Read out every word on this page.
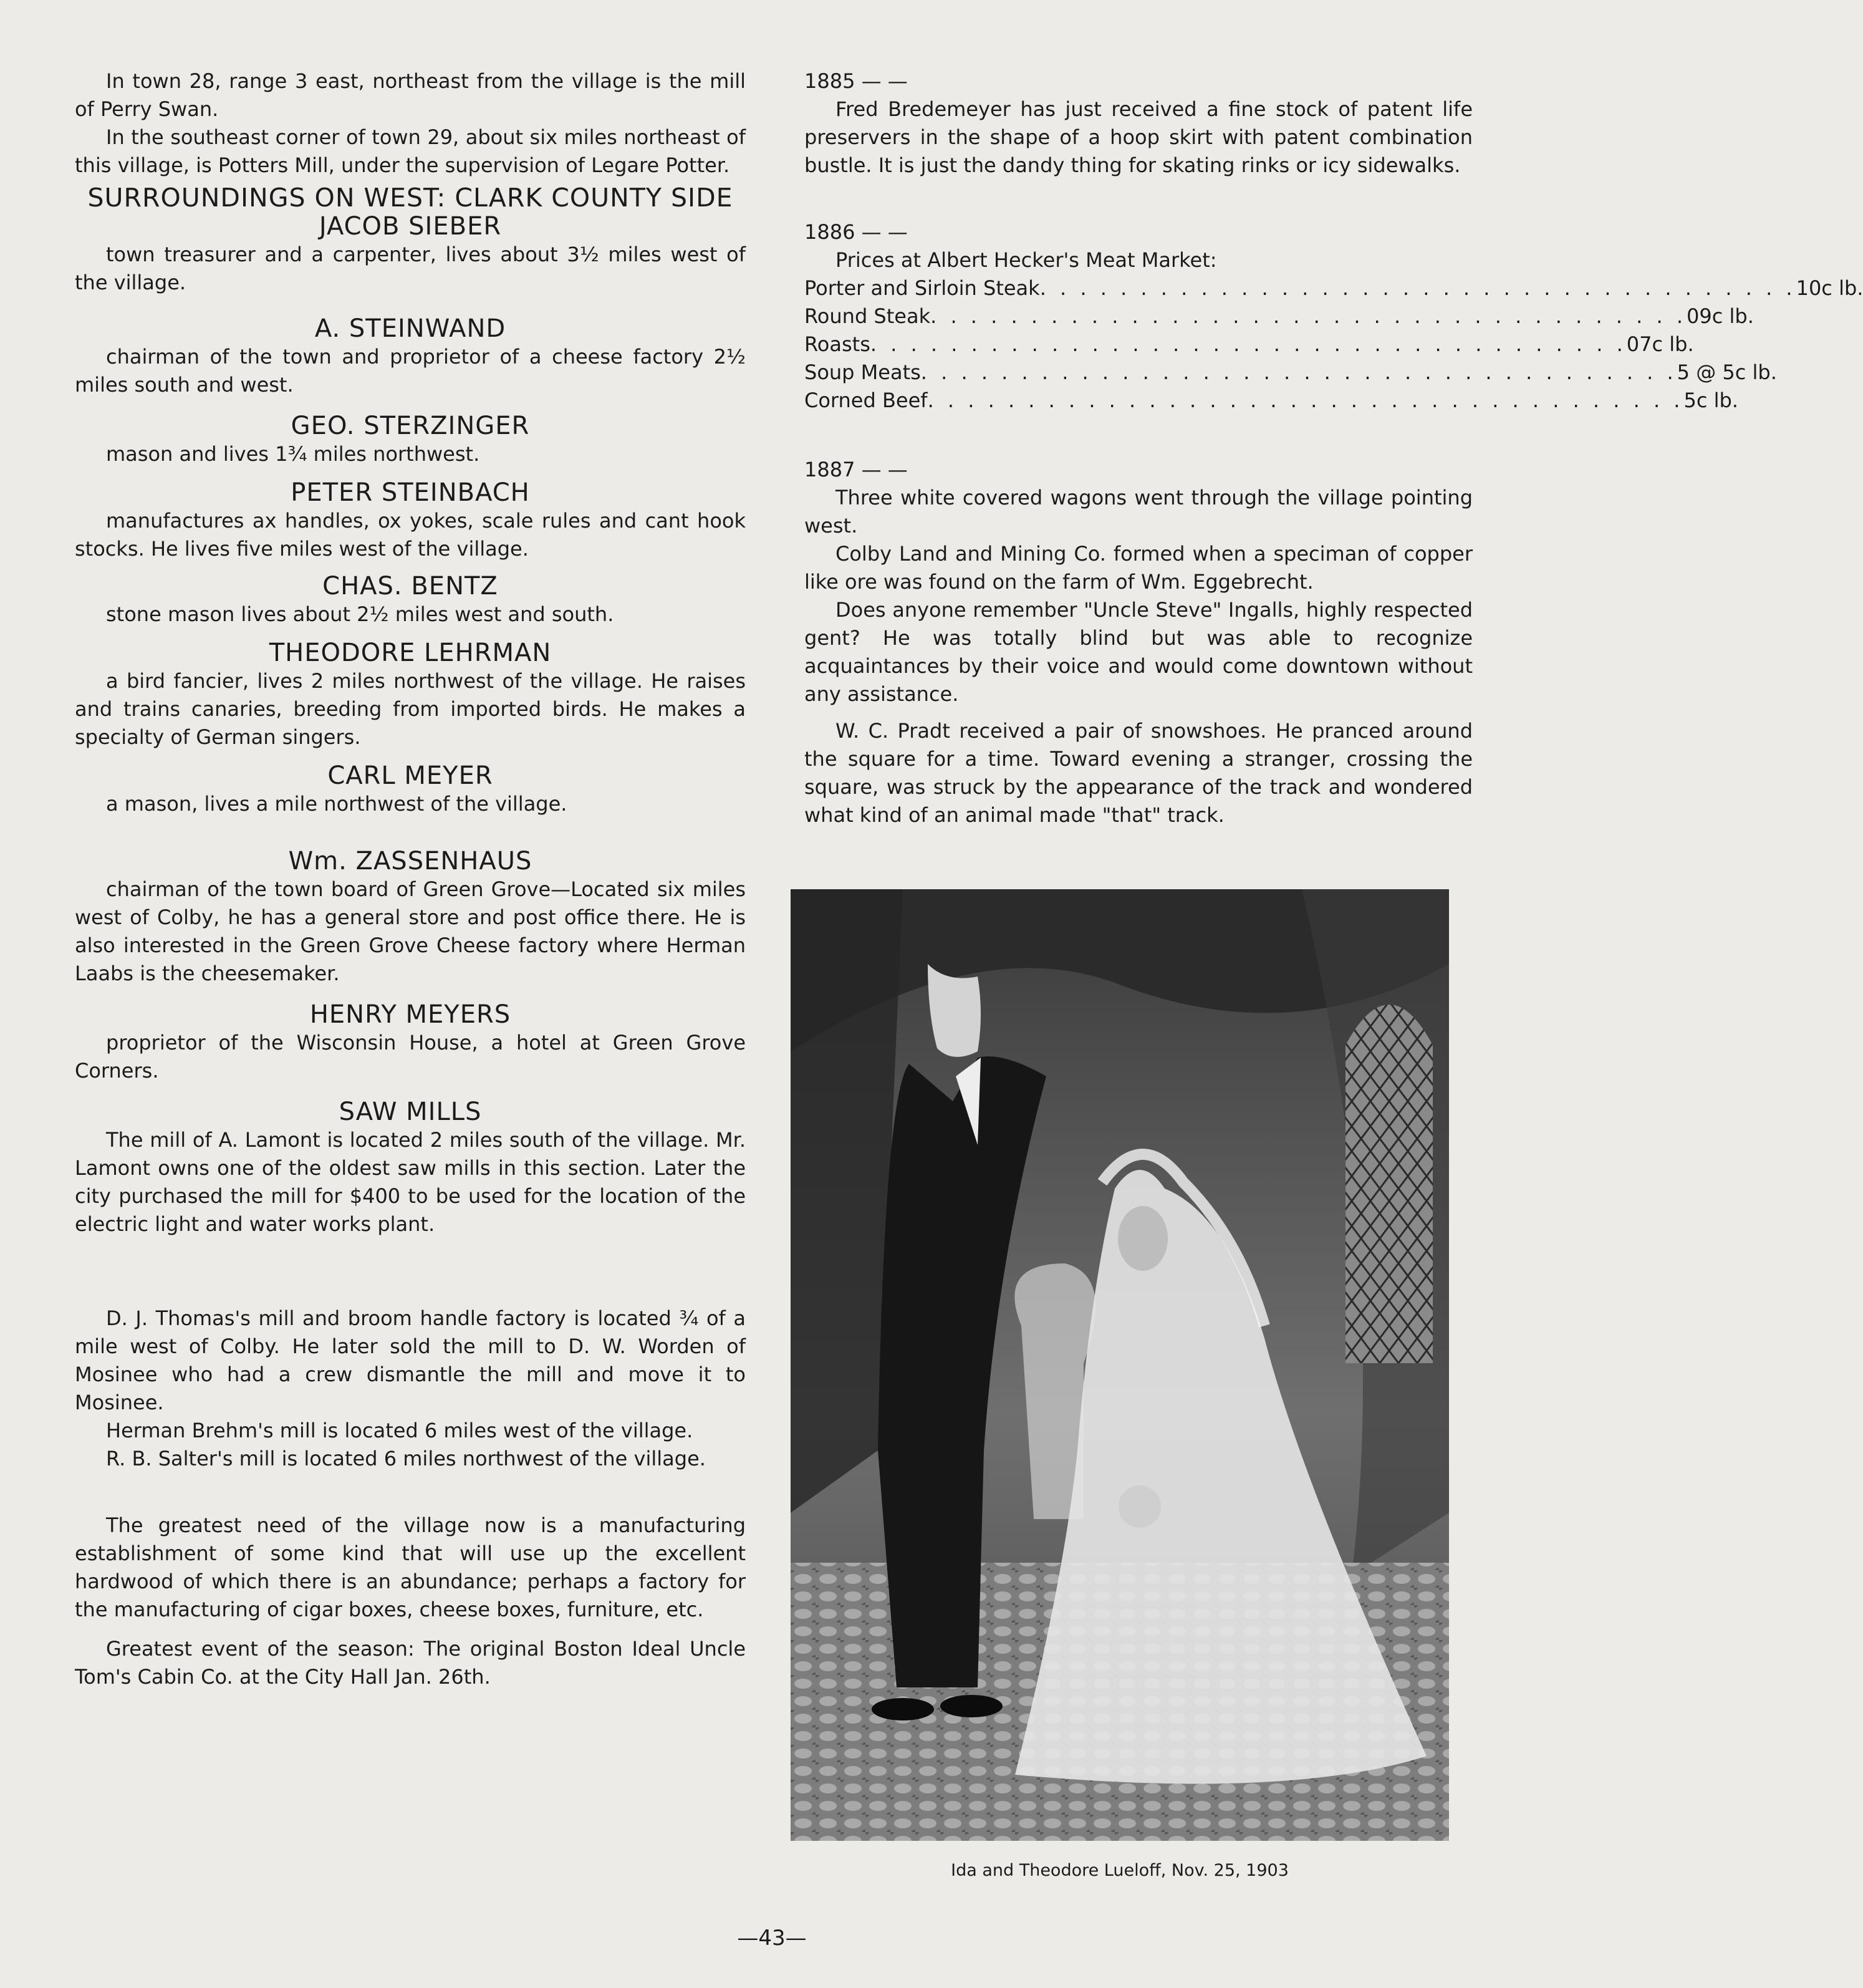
In town 28, range 3 east, northeast from the village is the mill of Perry Swan.

In the southeast corner of town 29, about six miles northeast of this village, is Potters Mill, under the supervision of Legare Potter.

SURROUNDINGS ON WEST: CLARK COUNTY SIDE
JACOB SIEBER

town treasurer and a carpenter, lives about 3½ miles west of the village.

A. STEINWAND

chairman of the town and proprietor of a cheese factory 2½ miles south and west.

GEO. STERZINGER

mason and lives 1¾ miles northwest.

PETER STEINBACH

manufactures ax handles, ox yokes, scale rules and cant hook stocks. He lives five miles west of the village.

CHAS. BENTZ

stone mason lives about 2½ miles west and south.

THEODORE LEHRMAN

a bird fancier, lives 2 miles northwest of the village. He raises and trains canaries, breeding from imported birds. He makes a specialty of German singers.

CARL MEYER

a mason, lives a mile northwest of the village.

Wm. ZASSENHAUS

chairman of the town board of Green Grove—Located six miles west of Colby, he has a general store and post office there. He is also interested in the Green Grove Cheese factory where Herman Laabs is the cheesemaker.

HENRY MEYERS

proprietor of the Wisconsin House, a hotel at Green Grove Corners.

SAW MILLS

The mill of A. Lamont is located 2 miles south of the village. Mr. Lamont owns one of the oldest saw mills in this section. Later the city purchased the mill for $400 to be used for the location of the electric light and water works plant.

D. J. Thomas's mill and broom handle factory is located ¾ of a mile west of Colby. He later sold the mill to D. W. Worden of Mosinee who had a crew dismantle the mill and move it to Mosinee.

Herman Brehm's mill is located 6 miles west of the village.

R. B. Salter's mill is located 6 miles northwest of the village.

The greatest need of the village now is a manufacturing establishment of some kind that will use up the excellent hardwood of which there is an abundance; perhaps a factory for the manufacturing of cigar boxes, cheese boxes, furniture, etc.

Greatest event of the season: The original Boston Ideal Uncle Tom's Cabin Co. at the City Hall Jan. 26th.

1885 — —

Fred Bredemeyer has just received a fine stock of patent life preservers in the shape of a hoop skirt with patent combination bustle. It is just the dandy thing for skating rinks or icy sidewalks.

1886 — —

Prices at Albert Hecker's Meat Market:

Porter and Sirloin Steak . . . . . . . . . . . . . . . . . . . . . . . . . . . . . . . . . . . . . . 10c lb.
Round Steak . . . . . . . . . . . . . . . . . . . . . . . . . . . . . . . . . . . . . . 09c lb.
Roasts . . . . . . . . . . . . . . . . . . . . . . . . . . . . . . . . . . . . . . 07c lb.
Soup Meats . . . . . . . . . . . . . . . . . . . . . . . . . . . . . . . . . . . . . . 5 @ 5c lb.
Corned Beef . . . . . . . . . . . . . . . . . . . . . . . . . . . . . . . . . . . . . . 5c lb.
1887 — —

Three white covered wagons went through the village pointing west.

Colby Land and Mining Co. formed when a speciman of copper like ore was found on the farm of Wm. Eggebrecht.

Does anyone remember "Uncle Steve" Ingalls, highly respected gent? He was totally blind but was able to recognize acquaintances by their voice and would come downtown without any assistance.

W. C. Pradt received a pair of snowshoes. He pranced around the square for a time. Toward evening a stranger, crossing the square, was struck by the appearance of the track and wondered what kind of an animal made "that" track.

Ida and Theodore Lueloff, Nov. 25, 1903
—43—
